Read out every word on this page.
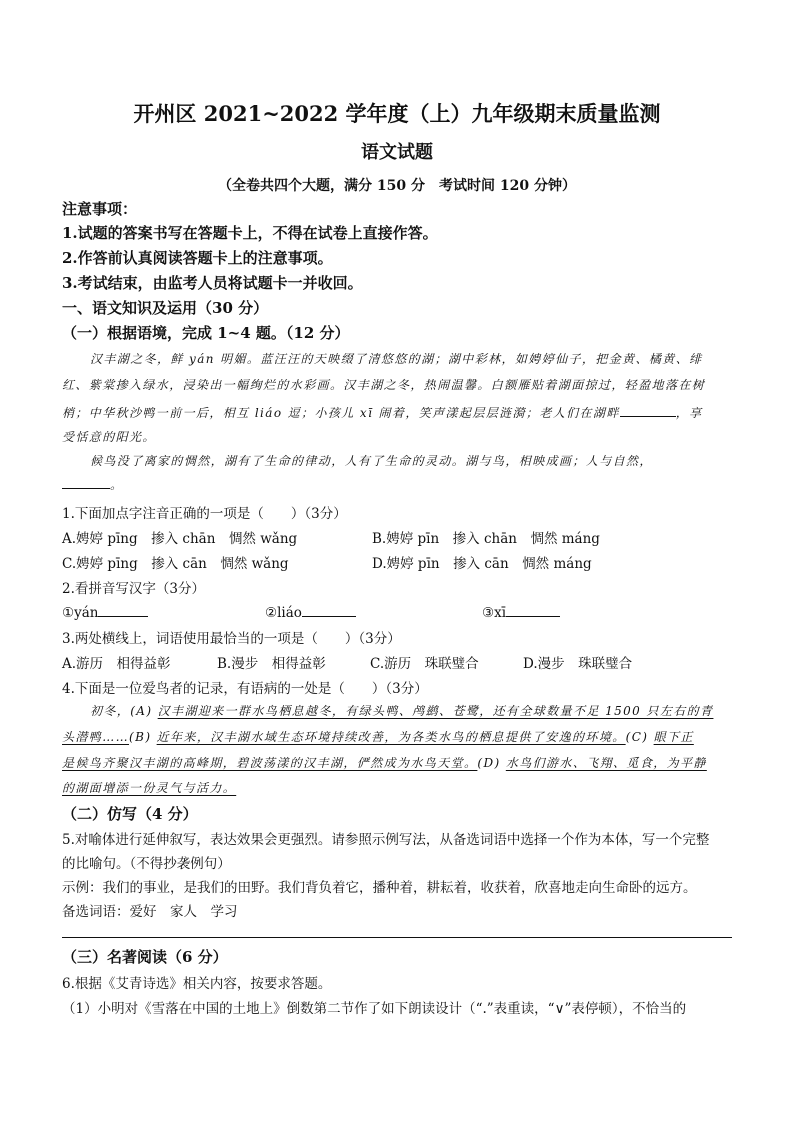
开州区 2021~2022 学年度（上）九年级期末质量监测
语文试题
（全卷共四个大题，满分 150 分　考试时间 120 分钟）
注意事项：
1.试题的答案书写在答题卡上，不得在试卷上直接作答。
2.作答前认真阅读答题卡上的注意事项。
3.考试结束，由监考人员将试题卡一并收回。
一、语文知识及运用（30 分）
（一）根据语境，完成 1~4 题。（12 分）
汉丰湖之冬，鲜 yán 明媚。蓝汪汪的天映缀了清悠悠的湖；湖中彩林，如娉婷仙子，把金黄、橘黄、绯
红、紫棠掺入绿水，浸染出一幅绚烂的水彩画。汉丰湖之冬，热闹温馨。白额雁贴着湖面掠过，轻盈地落在树
梢；中华秋沙鸭一前一后，相互 liáo 逗；小孩儿 xī 闹着，笑声漾起层层涟漪；老人们在湖畔	，享
受恬意的阳光。
候鸟没了离家的惆然，湖有了生命的律动，人有了生命的灵动。湖与鸟，相映成画；人与自然，
。
1.下面加点字注音正确的一项是（　　）（3分）
A.娉婷 pīng　掺入 chān　惆然 wǎng	B.娉婷 pīn　掺入 chān　惆然 máng
C.娉婷 pīng　掺入 cān　惆然 wǎng	D.娉婷 pīn　掺入 cān　惆然 máng
2.看拼音写汉字（3分）
①yán	②liáo	③xī
3.两处横线上，词语使用最恰当的一项是（　　）（3分）
A.游历　相得益彰	B.漫步　相得益彰	C.游历　珠联璧合	D.漫步　珠联璧合
4.下面是一位爱鸟者的记录，有语病的一处是（　　）（3分）
初冬，(A) 汉丰湖迎来一群水鸟栖息越冬，有绿头鸭、鸬鹚、苍鹭，还有全球数量不足 1500 只左右的青
头潜鸭……(B) 近年来，汉丰湖水域生态环境持续改善，为各类水鸟的栖息提供了安逸的环境。(C) 眼下正
是候鸟齐聚汉丰湖的高峰期，碧波荡漾的汉丰湖，俨然成为水鸟天堂。(D) 水鸟们游水、飞翔、觅食，为平静
的湖面增添一份灵气与活力。
（二）仿写（4 分）
5.对喻体进行延伸叙写，表达效果会更强烈。请参照示例写法，从备选词语中选择一个作为本体，写一个完整
的比喻句。（不得抄袭例句）
示例：我们的事业，是我们的田野。我们背负着它，播种着，耕耘着，收获着，欣喜地走向生命卧的远方。
备选词语：爱好　家人　学习
（三）名著阅读（6 分）
6.根据《艾青诗选》相关内容，按要求答题。
（1）小明对《雪落在中国的土地上》倒数第二节作了如下朗读设计（“.”表重读，“∨”表停顿），不恰当的
